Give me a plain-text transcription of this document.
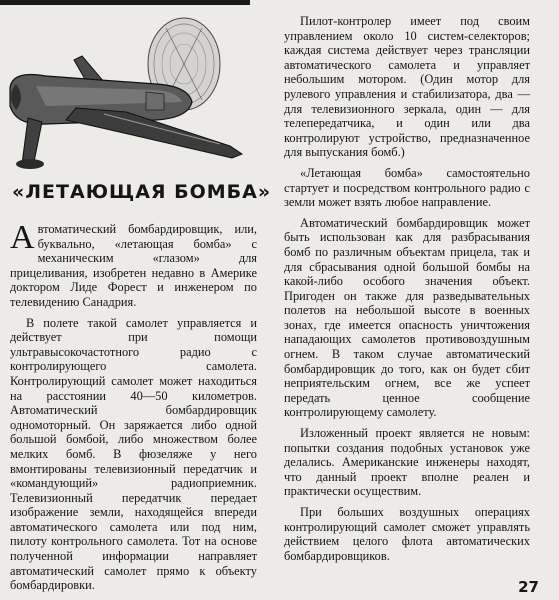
«ЛЕТАЮЩАЯ БОМБА»

Автоматический бомбардировщик, или, буквально, «летающая бомба» с механическим «глазом» для прицеливания, изобретен недавно в Америке доктором Лиде Форест и инженером по телевидению Санадрия.

В полете такой самолет управляется и действует при помощи ультравысокочастотного радио с контролирующего самолета. Контролирующий самолет может находиться на расстоянии 40—50 километров. Автоматический бомбардировщик одномоторный. Он заряжается либо одной большой бомбой, либо множеством более мелких бомб. В фюзеляже у него вмонтированы телевизионный передатчик и «командующий» радиоприемник. Телевизионный передатчик передает изображение земли, находящейся впереди автоматического самолета или под ним, пилоту контрольного самолета. Тот на основе полученной информации направляет автоматический самолет прямо к объекту бомбардировки.

Пилот-контролер имеет под своим управлением около 10 систем-селекторов; каждая система действует через трансляции автоматического самолета и управляет небольшим мотором. (Один мотор для рулевого управления и стабилизатора, два — для телевизионного зеркала, один — для телепередатчика, и один или два контролируют устройство, предназначенное для выпускания бомб.)

«Летающая бомба» самостоятельно стартует и посредством контрольного радио с земли может взять любое направление.

Автоматический бомбардировщик может быть использован как для разбрасывания бомб по различным объектам прицела, так и для сбрасывания одной большой бомбы на какой-либо особого значения объект. Пригоден он также для разведывательных полетов на небольшой высоте в военных зонах, где имеется опасность уничтожения нападающих самолетов противовоздушным огнем. В таком случае автоматический бомбардировщик до того, как он будет сбит неприятельским огнем, все же успеет передать ценное сообщение контролирующему самолету.

Изложенный проект является не новым: попытки создания подобных установок уже делались. Американские инженеры находят, что данный проект вполне реален и практически осуществим.

При больших воздушных операциях контролирующий самолет сможет управлять действием целого флота автоматических бомбардировщиков.

27
